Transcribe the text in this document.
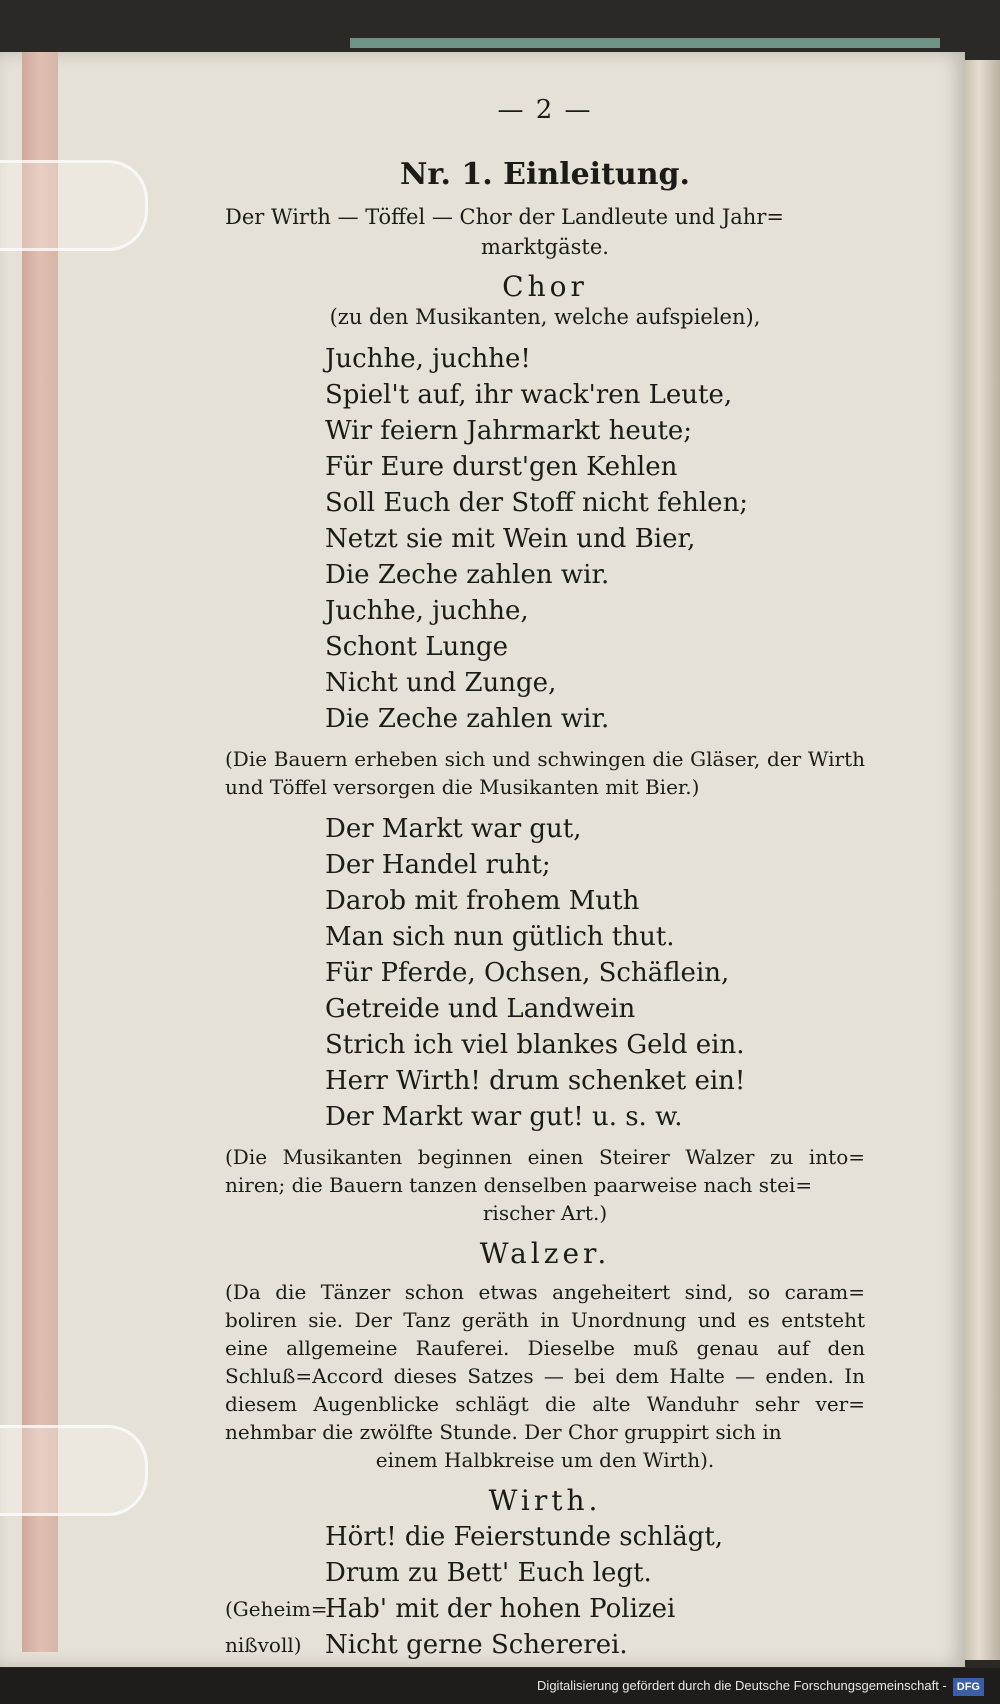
— 2 —
Nr. 1. Einleitung.
Der Wirth — Töffel — Chor der Landleute und Jahr=
marktgäste.
Chor
(zu den Musikanten, welche aufspielen),
Juchhe, juchhe!
Spiel't auf, ihr wack'ren Leute,
Wir feiern Jahrmarkt heute;
Für Eure durst'gen Kehlen
Soll Euch der Stoff nicht fehlen;
Netzt sie mit Wein und Bier,
Die Zeche zahlen wir.
Juchhe, juchhe,
Schont Lunge
Nicht und Zunge,
Die Zeche zahlen wir.
(Die Bauern erheben sich und schwingen die Gläser, der Wirth und Töffel versorgen die Musikanten mit Bier.)
Der Markt war gut,
Der Handel ruht;
Darob mit frohem Muth
Man sich nun gütlich thut.
Für Pferde, Ochsen, Schäflein,
Getreide und Landwein
Strich ich viel blankes Geld ein.
Herr Wirth! drum schenket ein!
Der Markt war gut! u. s. w.
(Die Musikanten beginnen einen Steirer Walzer zu into= niren; die Bauern tanzen denselben paarweise nach stei=
rischer Art.)
Walzer.
(Da die Tänzer schon etwas angeheitert sind, so caram= boliren sie. Der Tanz geräth in Unordnung und es entsteht eine allgemeine Rauferei. Dieselbe muß genau auf den Schluß=Accord dieses Satzes — bei dem Halte — enden. In diesem Augenblicke schlägt die alte Wanduhr sehr ver= nehmbar die zwölfte Stunde. Der Chor gruppirt sich in
einem Halbkreise um den Wirth).
Wirth.
Hört! die Feierstunde schlägt,
Drum zu Bett' Euch legt.
(Geheim=
nißvoll)
Hab' mit der hohen Polizei
Nicht gerne Schererei.
Digitalisierung gefördert durch die Deutsche Forschungsgemeinschaft - DFG
